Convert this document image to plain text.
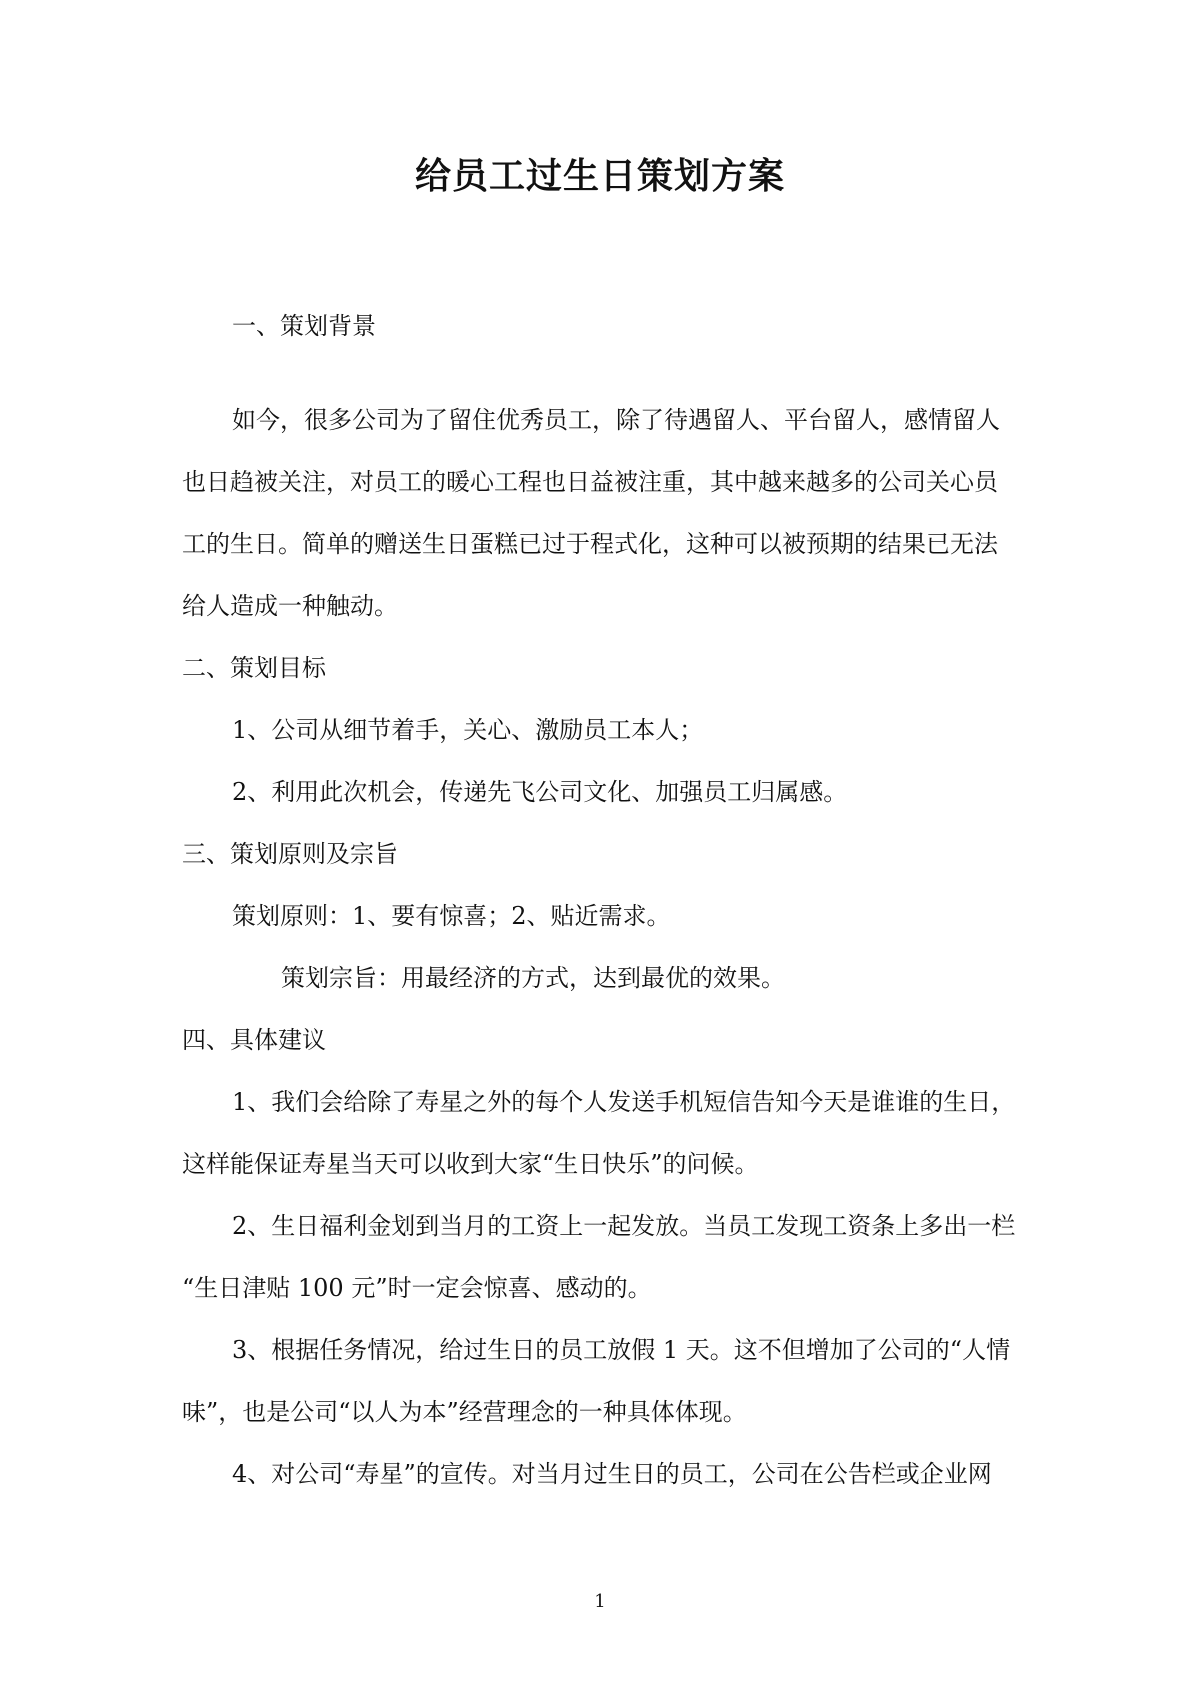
给员工过生日策划方案

一、策划背景

如今，很多公司为了留住优秀员工，除了待遇留人、平台留人，感情留人

也日趋被关注，对员工的暖心工程也日益被注重，其中越来越多的公司关心员

工的生日。简单的赠送生日蛋糕已过于程式化，这种可以被预期的结果已无法

给人造成一种触动。

二、策划目标

1、公司从细节着手，关心、激励员工本人；

2、利用此次机会，传递先飞公司文化、加强员工归属感。

三、策划原则及宗旨

策划原则：1、要有惊喜；2、贴近需求。

策划宗旨：用最经济的方式，达到最优的效果。

四、具体建议

1、我们会给除了寿星之外的每个人发送手机短信告知今天是谁谁的生日，

这样能保证寿星当天可以收到大家“生日快乐”的问候。

2、生日福利金划到当月的工资上一起发放。当员工发现工资条上多出一栏

“生日津贴 100 元”时一定会惊喜、感动的。

3、根据任务情况，给过生日的员工放假 1 天。这不但增加了公司的“人情

味”，也是公司“以人为本”经营理念的一种具体体现。

4、对公司“寿星”的宣传。对当月过生日的员工，公司在公告栏或企业网

1
